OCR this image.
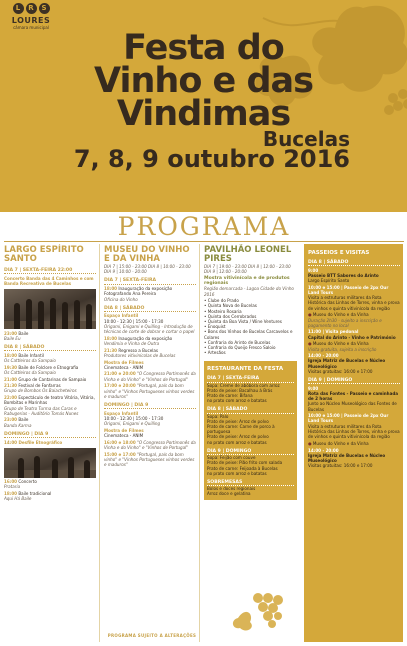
L	R	S
LOURES
câmara municipal
Festa do
Vinho e das
Vindimas
Bucelas
7, 8, 9 outubro 2016
PROGRAMA
LARGO ESPÍRITO SANTO
DIA 7 | SEXTA-FEIRA 22:00
Concerto Banda das 4 Caminhos e com Banda Recreativa de Bucelas
23:00 Baile
Baile Eu
DIA 8 | SÁBADO
18:00 Baile Infantil
Os Cattleiros da Sampaio
19:30 Baile de Folclore e Etnografia
Os Cattleiros da Sampaio
21:00 Grupo de Cantarinas de Sampaio
21:30 Festival de Fanfarras
Grupo de Bombos Os Baiacheteiros
22:00 Espectáculo de teatro Vitória, Vitória, Bombitas e Marinhas
Grupo de Teatro Turma das Caras e Rabugerias - Auditório Tomás Nunes
23:00 Baile
Banda Karma
DOMINGO | DIA 9
14:00 Desfile Etnográfico
16:00 Concerto
Prataria
18:00 Baile tradicional
Aqui Há Baile
MUSEU DO VINHO E DA VINHA
DIA 7 | 15:00 - 23:00 DIA 8 | 10:00 - 23:00 DIA 9 | 10:00 - 20:00
DIA 7 | SEXTA-FEIRA
18:00 Inauguração da exposição Fotografando Ana Pereira
Oficina do Vinho
DIA 8 | SÁBADO
Espaço Infantil
10:00 - 12:30 | 15:00 - 17:30
Origami, Enigami e Quilling - Introdução de técnicas de corte de dobrar e cortar o papel
18:00 Inauguração da exposição
Vendimia e Vinha de Outra
21:30 Regresso a Bucelas
Produtores vitivinícolas de Bucelas
Mostra de Filmes
Cinemateca - ANIM
21:00 e 20:00 "O Congresso Portimonês da Vinha e do Vinho" e "Vinhos de Portugal"
17:00 e 20:00 "Portugal, país da bom vinho" e "Vinhos Portugueses vinhos verdes e maduros"
DOMINGO | DIA 9
Espaço Infantil
10:00 - 12:30 | 15:00 - 17:30
Origami, Enigami e Quilling
Mostra de Filmes
Cinemateca - ANIM
16:00 e 18:00 "O Congresso Portimonês da Vinha e do Vinho" e "Vinhos de Portugal"
15:00 e 17:00 "Portugal, país da bom vinho" e "Vinhos Portugueses vinhos verdes e maduros"
PAVILHÃO LEONEL PIRES
DIA 7 | 19:00 - 23:00 DIA 8 | 12:00 - 23:00 DIA 9 | 12:00 - 20:00
Mostra vitivinícola e de produtos regionais
Região demarcada - Lagoa Cidade do Vinho 2016
• Clube do Prado
• Quinta Nova de Bucelas
• Mosteiro Rosaria
• Quinta dos Cerrobrados
• Quinta da Boa Vista / Wine Ventures
• Enoquist
• Bons dos Vinhos de Bucelas Carcavelos e Colares
• Confraria do Arinto de Bucelas
• Confraria do Queijo Fresco Saloio
• Artesãos
RESTAURANTE DA FESTA
DIA 7 | SEXTA-FEIRA
Sopa: Creme de abóbora com arroz
Prato de peixe: Bacalhau à Brás
Prato de carne: Bifana
no prato com arroz e batatas
DIA 8 | SÁBADO
Sopa: Palo
Prato de peixe: Arroz de polvo
Prato de carne: Carne de porco à portuguesa
Prato de peixe: Arroz de polvo
no prato com arroz e batatas
DIA 9 | DOMINGO
Sopa: Feijão com couve
Prato de peixe: Pião frito com salada
Prato de carne: Feijoada à Bucelas
no prato com arroz e batatas
SOBREMESAS
Bolos e doces regionais
Arroz doce e gelatina
PASSEIOS E VISITAS
DIA 8 | SÁBADO
9:00
Passeio BTT Sabores do Arinto
Largo Espírito Santo
10:00 e 15:00 | Passeio de 2px Our Land Tours
Visita a estruturas militares da Rota Histórica das Linhas de Torres, vinha e prova de vinhos e quinta vitivinícola da região
● Museu do Vinho e da Vinha
Duração 2h30 - sujeito a inscrição e pagamento no local
11:00 | Visita pedonal
Capital do Arinto - Vinho e Património
● Museu do Vinho e da Vinha
Visita gratuita, sujeita a inscrição
14:00 - 20:00
Igreja Matriz de Bucelas e Núcleo Museológico
Visitas gratuitas: 16:00 e 17:00
DIA 9 | DOMINGO
9:00
Rota das Fontes - Passeio e caminhada de 2 horas
Junto ao Núcleo Museológico das Fontes de Bucelas
10:00 e 15:00 | Passeio de 2px Our Land Tours
Visita a estruturas militares da Rota Histórica das Linhas de Torres, vinha e prova de vinhos e quinta vitivinícola da região
● Museu do Vinho e da Vinha
14:00 - 20:00
Igreja Matriz de Bucelas e Núcleo Museológico
Visitas gratuitas: 16:00 e 17:00
PROGRAMA SUJEITO A ALTERAÇÕES
